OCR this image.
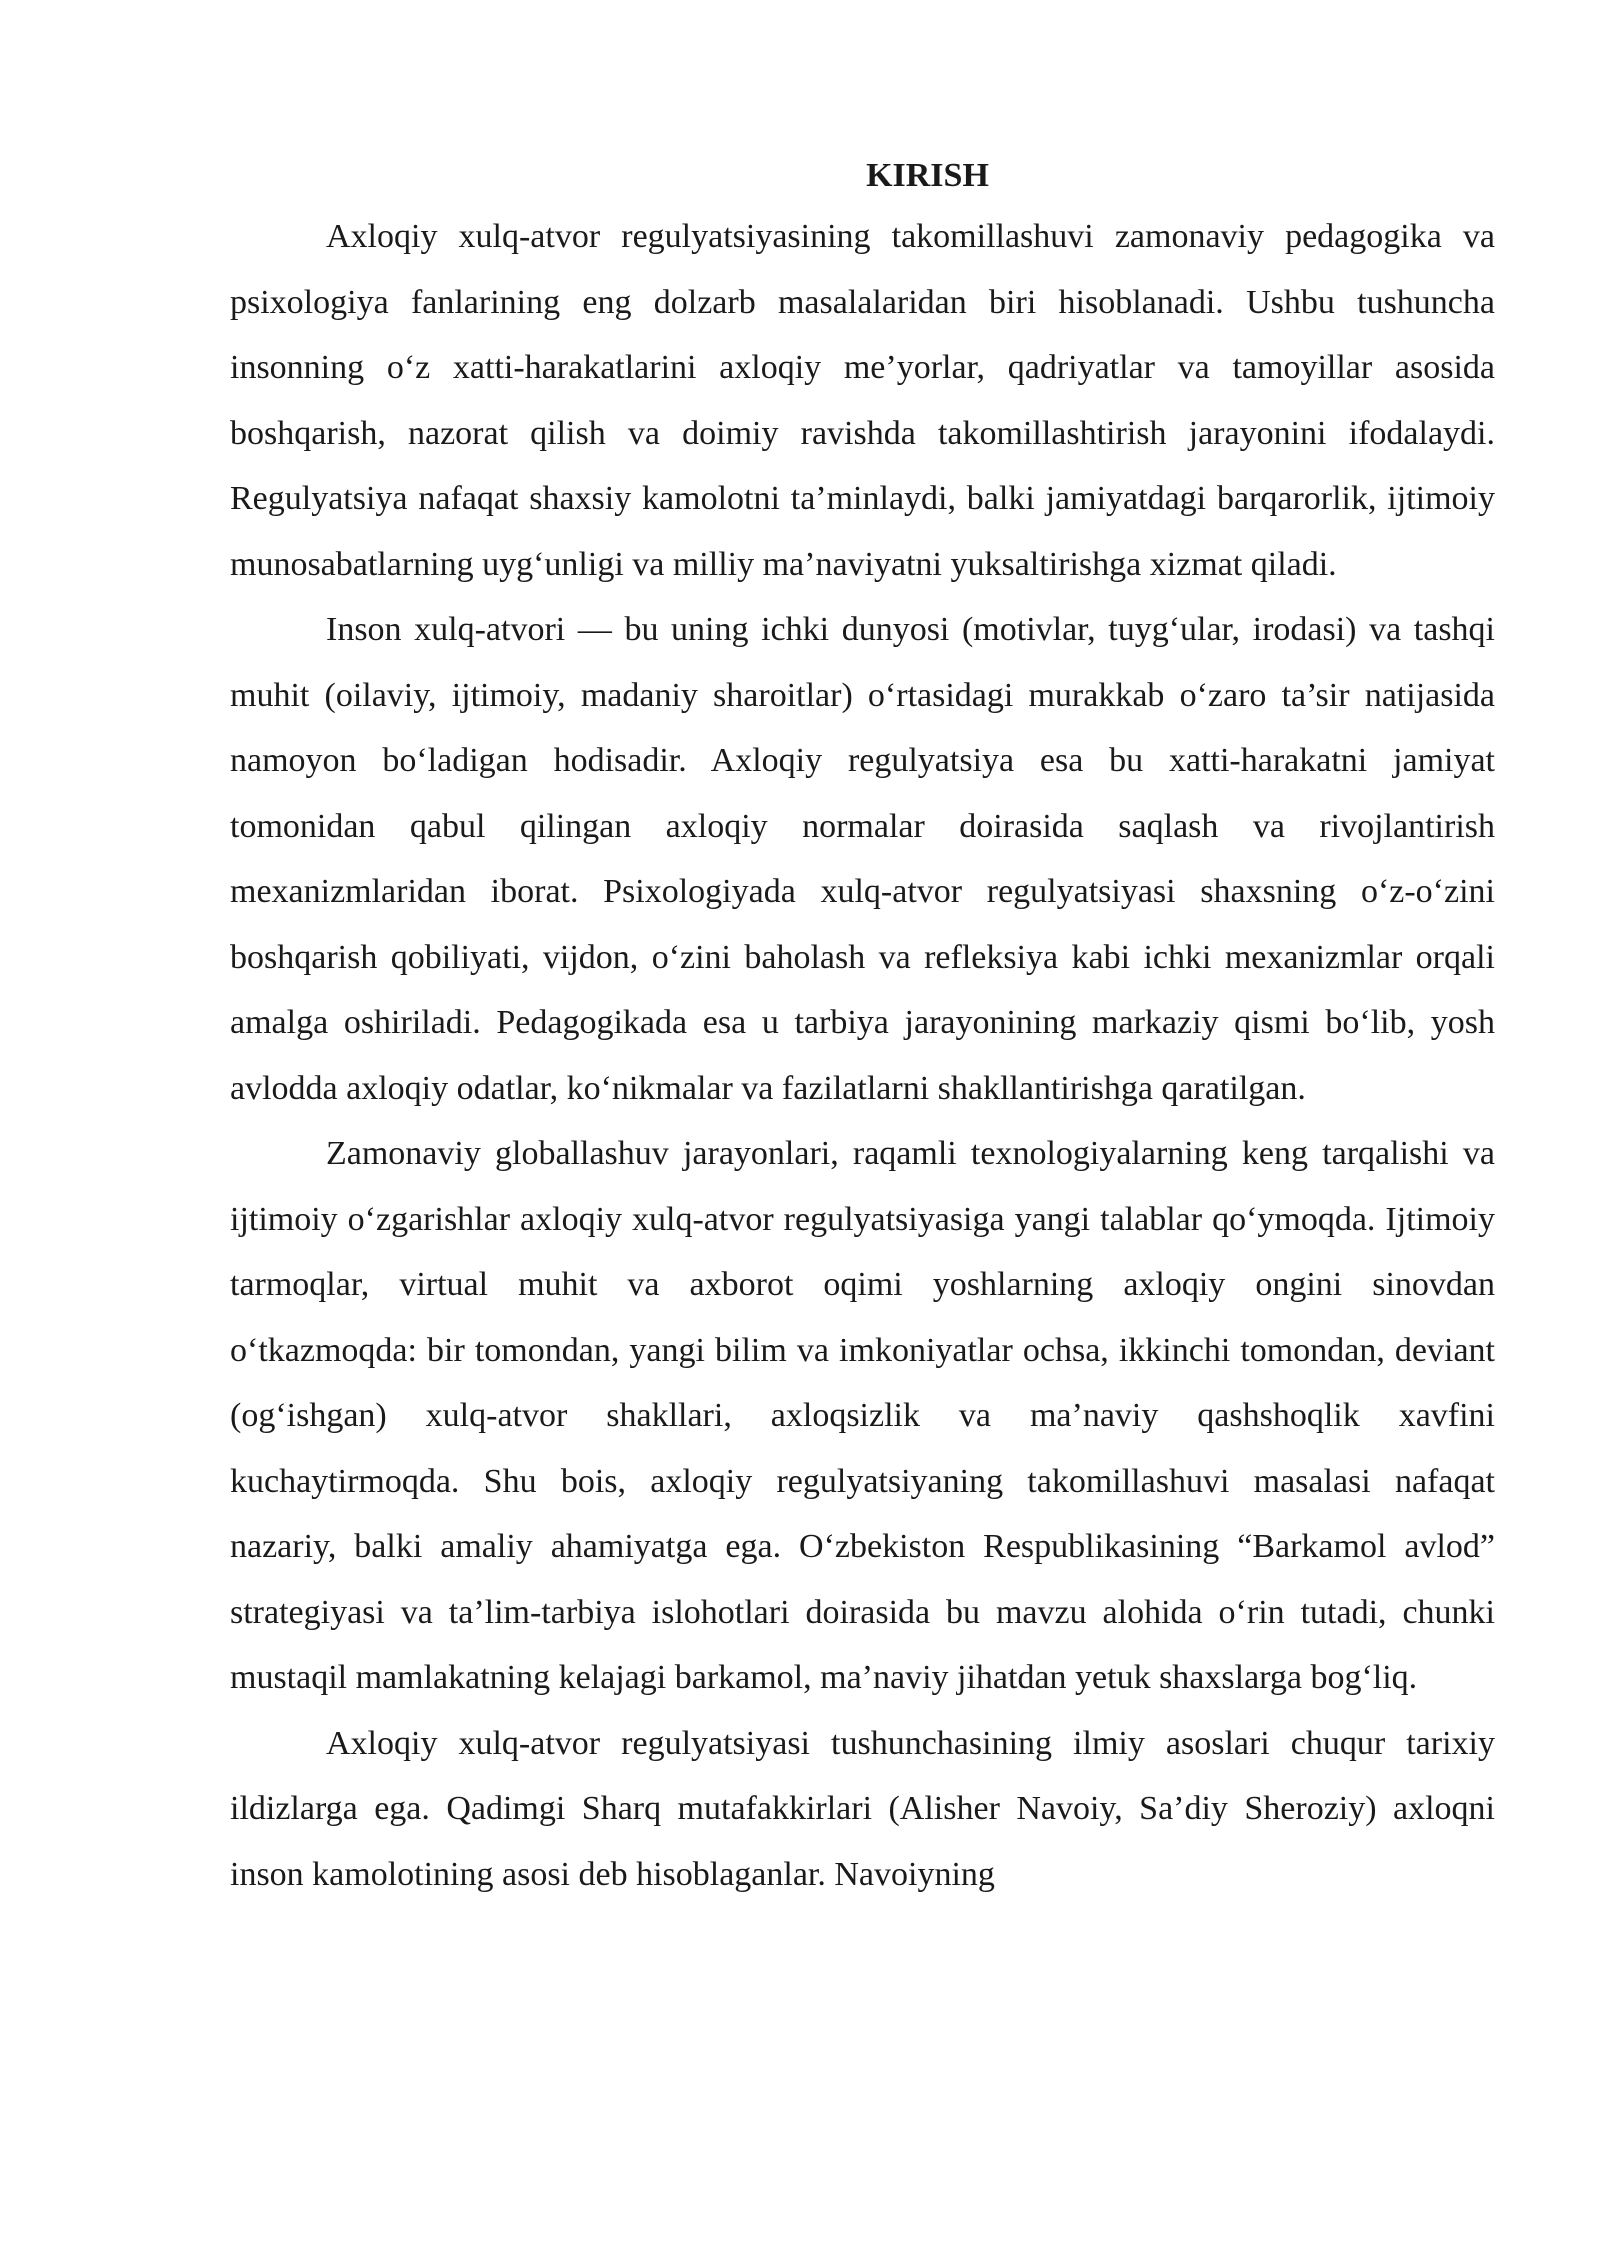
KIRISH

Axloqiy xulq-atvor regulyatsiyasining takomillashuvi zamonaviy pedagogika va psixologiya fanlarining eng dolzarb masalalaridan biri hisoblanadi. Ushbu tushuncha insonning o‘z xatti-harakatlarini axloqiy me’yorlar, qadriyatlar va tamoyillar asosida boshqarish, nazorat qilish va doimiy ravishda takomillashtirish jarayonini ifodalaydi. Regulyatsiya nafaqat shaxsiy kamolotni ta’minlaydi, balki jamiyatdagi barqarorlik, ijtimoiy munosabatlarning uyg‘unligi va milliy ma’naviyatni yuksaltirishga xizmat qiladi.

Inson xulq-atvori — bu uning ichki dunyosi (motivlar, tuyg‘ular, irodasi) va tashqi muhit (oilaviy, ijtimoiy, madaniy sharoitlar) o‘rtasidagi murakkab o‘zaro ta’sir natijasida namoyon bo‘ladigan hodisadir. Axloqiy regulyatsiya esa bu xatti-harakatni jamiyat tomonidan qabul qilingan axloqiy normalar doirasida saqlash va rivojlantirish mexanizmlaridan iborat. Psixologiyada xulq-atvor regulyatsiyasi shaxsning o‘z-o‘zini boshqarish qobiliyati, vijdon, o‘zini baholash va refleksiya kabi ichki mexanizmlar orqali amalga oshiriladi. Pedagogikada esa u tarbiya jarayonining markaziy qismi bo‘lib, yosh avlodda axloqiy odatlar, ko‘nikmalar va fazilatlarni shakllantirishga qaratilgan.

Zamonaviy globallashuv jarayonlari, raqamli texnologiyalarning keng tarqalishi va ijtimoiy o‘zgarishlar axloqiy xulq-atvor regulyatsiyasiga yangi talablar qo‘ymoqda. Ijtimoiy tarmoqlar, virtual muhit va axborot oqimi yoshlarning axloqiy ongini sinovdan o‘tkazmoqda: bir tomondan, yangi bilim va imkoniyatlar ochsa, ikkinchi tomondan, deviant (og‘ishgan) xulq-atvor shakllari, axloqsizlik va ma’naviy qashshoqlik xavfini kuchaytirmoqda. Shu bois, axloqiy regulyatsiyaning takomillashuvi masalasi nafaqat nazariy, balki amaliy ahamiyatga ega. O‘zbekiston Respublikasining “Barkamol avlod” strategiyasi va ta’lim-tarbiya islohotlari doirasida bu mavzu alohida o‘rin tutadi, chunki mustaqil mamlakatning kelajagi barkamol, ma’naviy jihatdan yetuk shaxslarga bog‘liq.

Axloqiy xulq-atvor regulyatsiyasi tushunchasining ilmiy asoslari chuqur tarixiy ildizlarga ega. Qadimgi Sharq mutafakkirlari (Alisher Navoiy, Sa’diy Sheroziy) axloqni inson kamolotining asosi deb hisoblaganlar. Navoiyning
